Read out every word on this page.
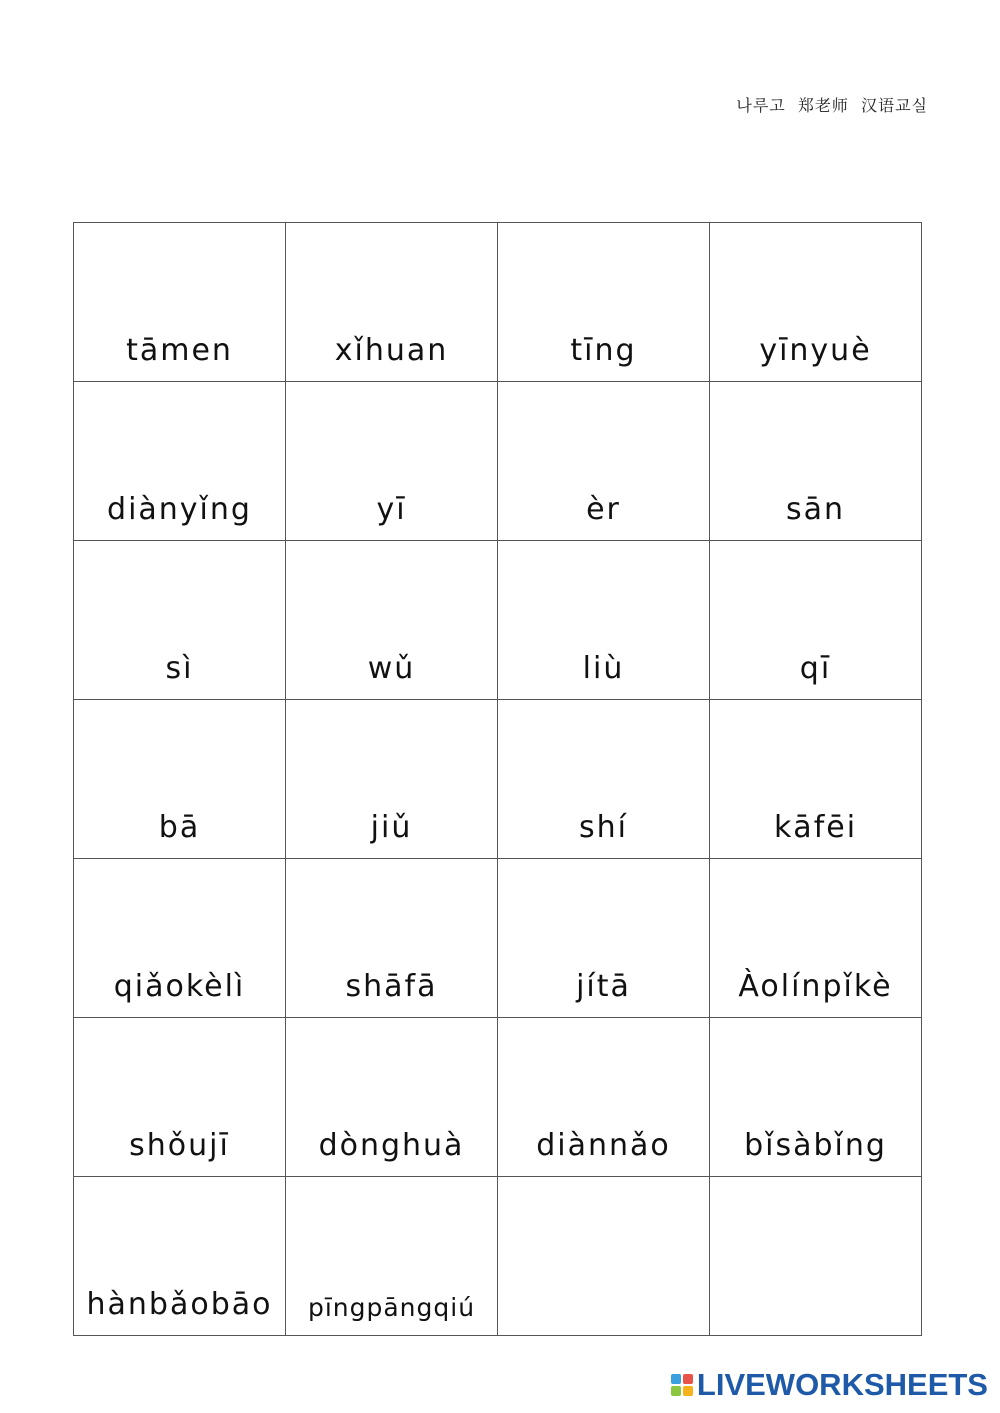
나루고  郑老师  汉语교실
tāmen	xǐhuan	tīng	yīnyuè
diànyǐng	yī	èr	sān
sì	wǔ	liù	qī
bā	jiǔ	shí	kāfēi
qiǎokèlì	shāfā	jítā	Àolínpǐkè
shǒujī	dònghuà	diànnǎo	bǐsàbǐng
hànbǎobāo	pīngpāngqiú		
LIVEWORKSHEETS
